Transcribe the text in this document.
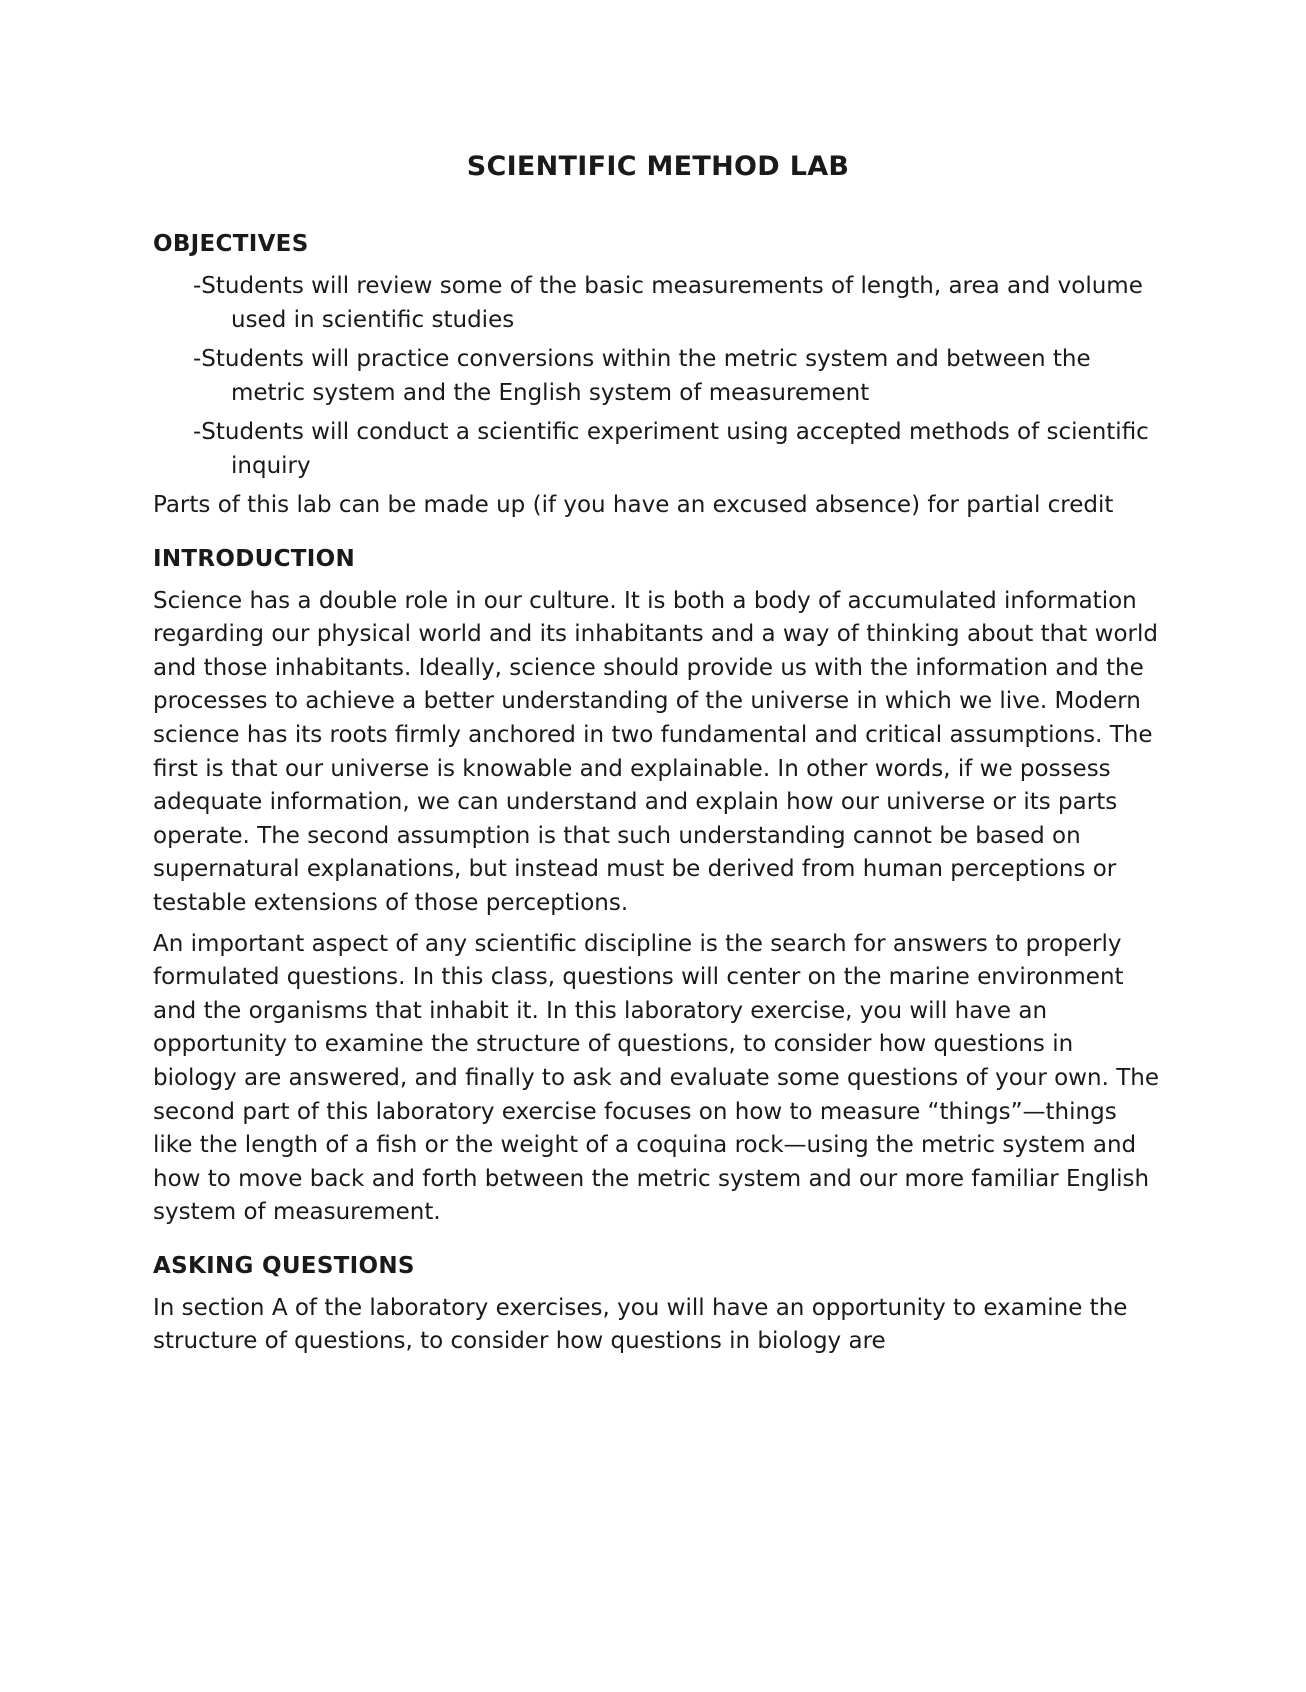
SCIENTIFIC METHOD LAB
OBJECTIVES
-Students will review some of the basic measurements of length, area and volume used in scientific studies
-Students will practice conversions within the metric system and between the metric system and the English system of measurement
-Students will conduct a scientific experiment using accepted methods of scientific inquiry

Parts of this lab can be made up (if you have an excused absence) for partial credit

INTRODUCTION

Science has a double role in our culture. It is both a body of accumulated information regarding our physical world and its inhabitants and a way of thinking about that world and those inhabitants. Ideally, science should provide us with the information and the processes to achieve a better understanding of the universe in which we live. Modern science has its roots firmly anchored in two fundamental and critical assumptions. The first is that our universe is knowable and explainable. In other words, if we possess adequate information, we can understand and explain how our universe or its parts operate. The second assumption is that such understanding cannot be based on supernatural explanations, but instead must be derived from human perceptions or testable extensions of those perceptions.

An important aspect of any scientific discipline is the search for answers to properly formulated questions. In this class, questions will center on the marine environment and the organisms that inhabit it. In this laboratory exercise, you will have an opportunity to examine the structure of questions, to consider how questions in biology are answered, and finally to ask and evaluate some questions of your own. The second part of this laboratory exercise focuses on how to measure “things”—things like the length of a fish or the weight of a coquina rock—using the metric system and how to move back and forth between the metric system and our more familiar English system of measurement.

ASKING QUESTIONS

In section A of the laboratory exercises, you will have an opportunity to examine the structure of questions, to consider how questions in biology are
